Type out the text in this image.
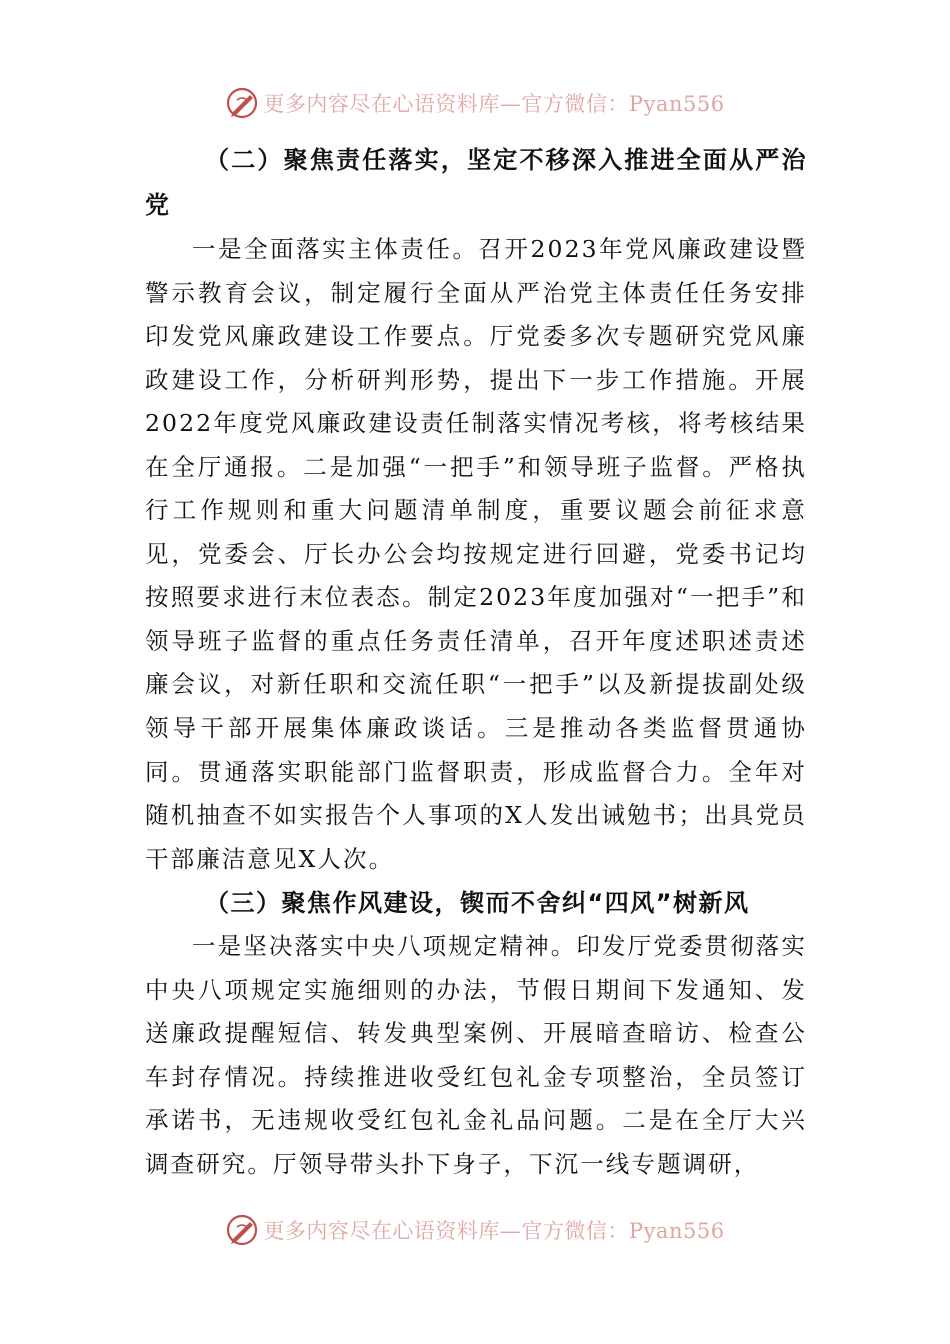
更多内容尽在心语资料库—官方微信：Pyan556

（二）聚焦责任落实，坚定不移深入推进全面从严治党

一是全面落实主体责任。召开2023年党风廉政建设暨警示教育会议，制定履行全面从严治党主体责任任务安排印发党风廉政建设工作要点。厅党委多次专题研究党风廉政建设工作，分析研判形势，提出下一步工作措施。开展2022年度党风廉政建设责任制落实情况考核，将考核结果在全厅通报。二是加强“一把手”和领导班子监督。严格执行工作规则和重大问题清单制度，重要议题会前征求意见，党委会、厅长办公会均按规定进行回避，党委书记均按照要求进行末位表态。制定2023年度加强对“一把手”和领导班子监督的重点任务责任清单，召开年度述职述责述廉会议，对新任职和交流任职“一把手”以及新提拔副处级领导干部开展集体廉政谈话。三是推动各类监督贯通协同。贯通落实职能部门监督职责，形成监督合力。全年对随机抽查不如实报告个人事项的X人发出诫勉书；出具党员干部廉洁意见X人次。

（三）聚焦作风建设，锲而不舍纠“四风”树新风

一是坚决落实中央八项规定精神。印发厅党委贯彻落实中央八项规定实施细则的办法，节假日期间下发通知、发送廉政提醒短信、转发典型案例、开展暗查暗访、检查公车封存情况。持续推进收受红包礼金专项整治，全员签订承诺书，无违规收受红包礼金礼品问题。二是在全厅大兴调查研究。厅领导带头扑下身子，下沉一线专题调研，

更多内容尽在心语资料库—官方微信：Pyan556
